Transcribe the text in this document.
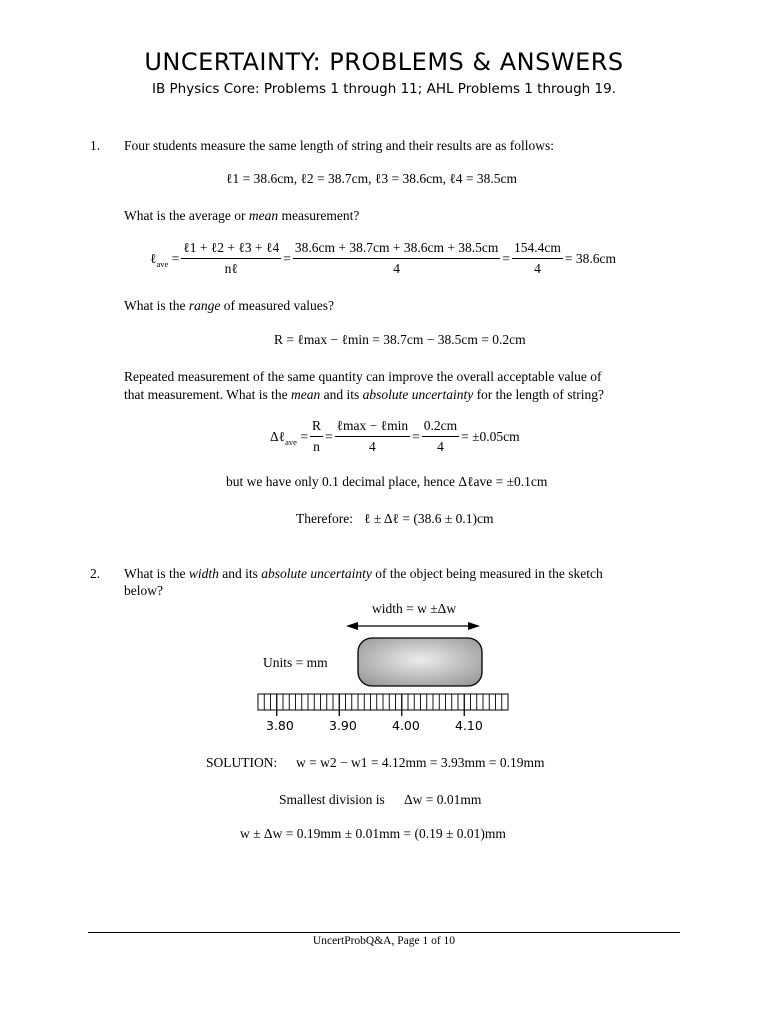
UNCERTAINTY: PROBLEMS & ANSWERS
IB Physics Core: Problems 1 through 11; AHL Problems 1 through 19.
1. Four students measure the same length of string and their results are as follows:
ℓ1 = 38.6cm, ℓ2 = 38.7cm, ℓ3 = 38.6cm, ℓ4 = 38.5cm
What is the average or mean measurement?
ℓ$_{ave}$ = $\frac{\text{ℓ1 + ℓ2 + ℓ3 + ℓ4}}{\text{nℓ}} = \frac{38.6cm + 38.7cm + 38.6cm + 38.5cm}{4} = \frac{154.4cm}{4} = 38.6cm$
What is the range of measured values?
R = ℓmax − ℓmin = 38.7cm − 38.5cm = 0.2cm
Repeated measurement of the same quantity can improve the overall acceptable value of
that measurement. What is the mean and its absolute uncertainty for the length of string?
Δℓ$_{ave}$ = $\frac{R}{n} = \frac{\text{ℓmax − ℓmin}}{4} = \frac{0.2cm}{4} = \pm 0.05cm$
but we have only 0.1 decimal place, hence Δℓave = ±0.1cm
Therefore: ℓ ± Δℓ = (38.6 ± 0.1)cm
2. What is the width and its absolute uncertainty of the object being measured in the sketch
below?
width = w ±Δw
Units = mm
3.80	3.90	4.00	4.10
SOLUTION: w = w2 − w1 = 4.12mm = 3.93mm = 0.19mm
Smallest division is Δw = 0.01mm
w ± Δw = 0.19mm ± 0.01mm = (0.19 ± 0.01)mm
UncertProbQ&A, Page 1 of 10
